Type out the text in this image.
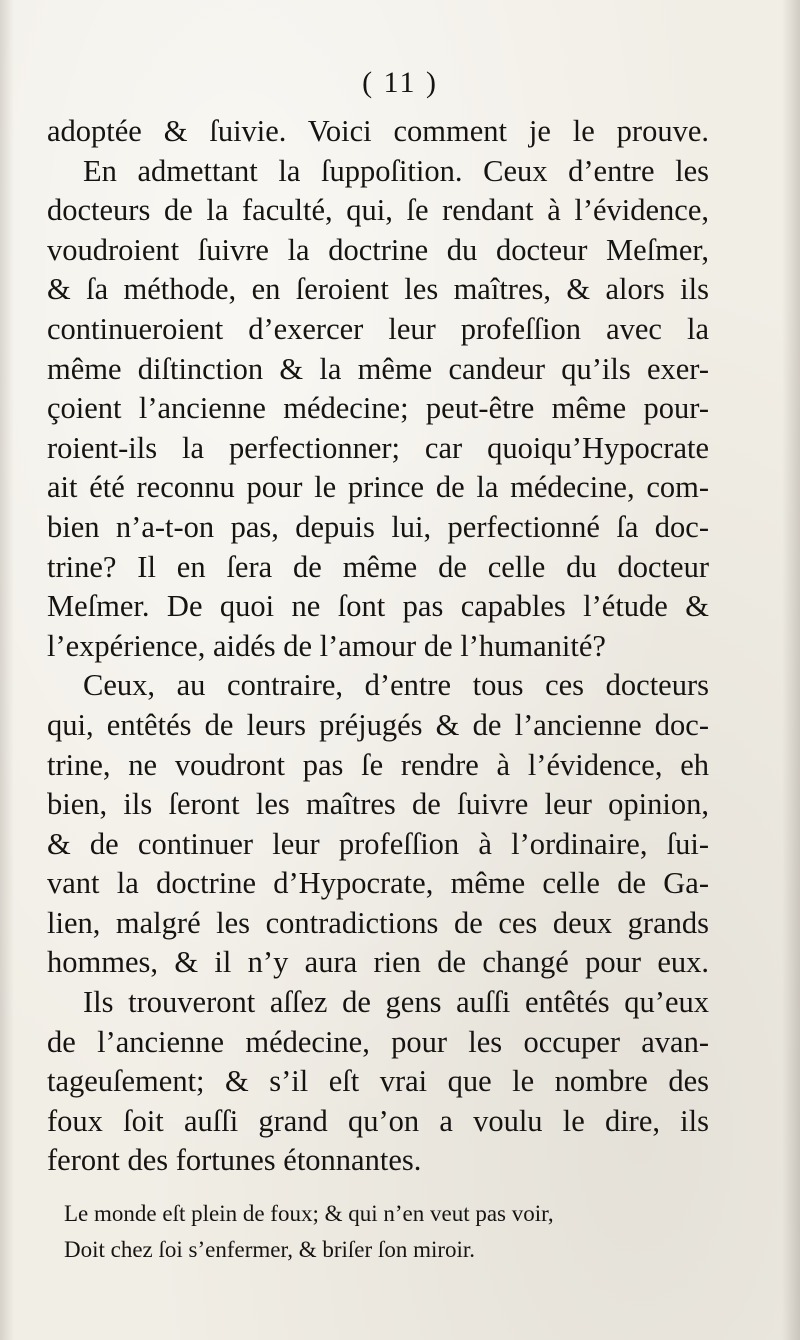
( 11 )
adoptée & ſuivie. Voici comment je le prouve.
En admettant la ſuppoſition. Ceux d’entre les
docteurs de la faculté, qui, ſe rendant à l’évidence,
voudroient ſuivre la doctrine du docteur Meſmer,
& ſa méthode, en ſeroient les maîtres, & alors ils
continueroient d’exercer leur profeſſion avec la
même diſtinction & la même candeur qu’ils exer-
çoient l’ancienne médecine; peut-être même pour-
roient-ils la perfectionner; car quoiqu’Hypocrate
ait été reconnu pour le prince de la médecine, com-
bien n’a-t-on pas, depuis lui, perfectionné ſa doc-
trine? Il en ſera de même de celle du docteur
Meſmer. De quoi ne ſont pas capables l’étude &
l’expérience, aidés de l’amour de l’humanité?
Ceux, au contraire, d’entre tous ces docteurs
qui, entêtés de leurs préjugés & de l’ancienne doc-
trine, ne voudront pas ſe rendre à l’évidence, eh
bien, ils ſeront les maîtres de ſuivre leur opinion,
& de continuer leur profeſſion à l’ordinaire, ſui-
vant la doctrine d’Hypocrate, même celle de Ga-
lien, malgré les contradictions de ces deux grands
hommes, & il n’y aura rien de changé pour eux.
Ils trouveront aſſez de gens auſſi entêtés qu’eux
de l’ancienne médecine, pour les occuper avan-
tageuſement; & s’il eſt vrai que le nombre des
foux ſoit auſſi grand qu’on a voulu le dire, ils
feront des fortunes étonnantes.
Le monde eſt plein de foux; & qui n’en veut pas voir,
Doit chez ſoi s’enfermer, & briſer ſon miroir.
